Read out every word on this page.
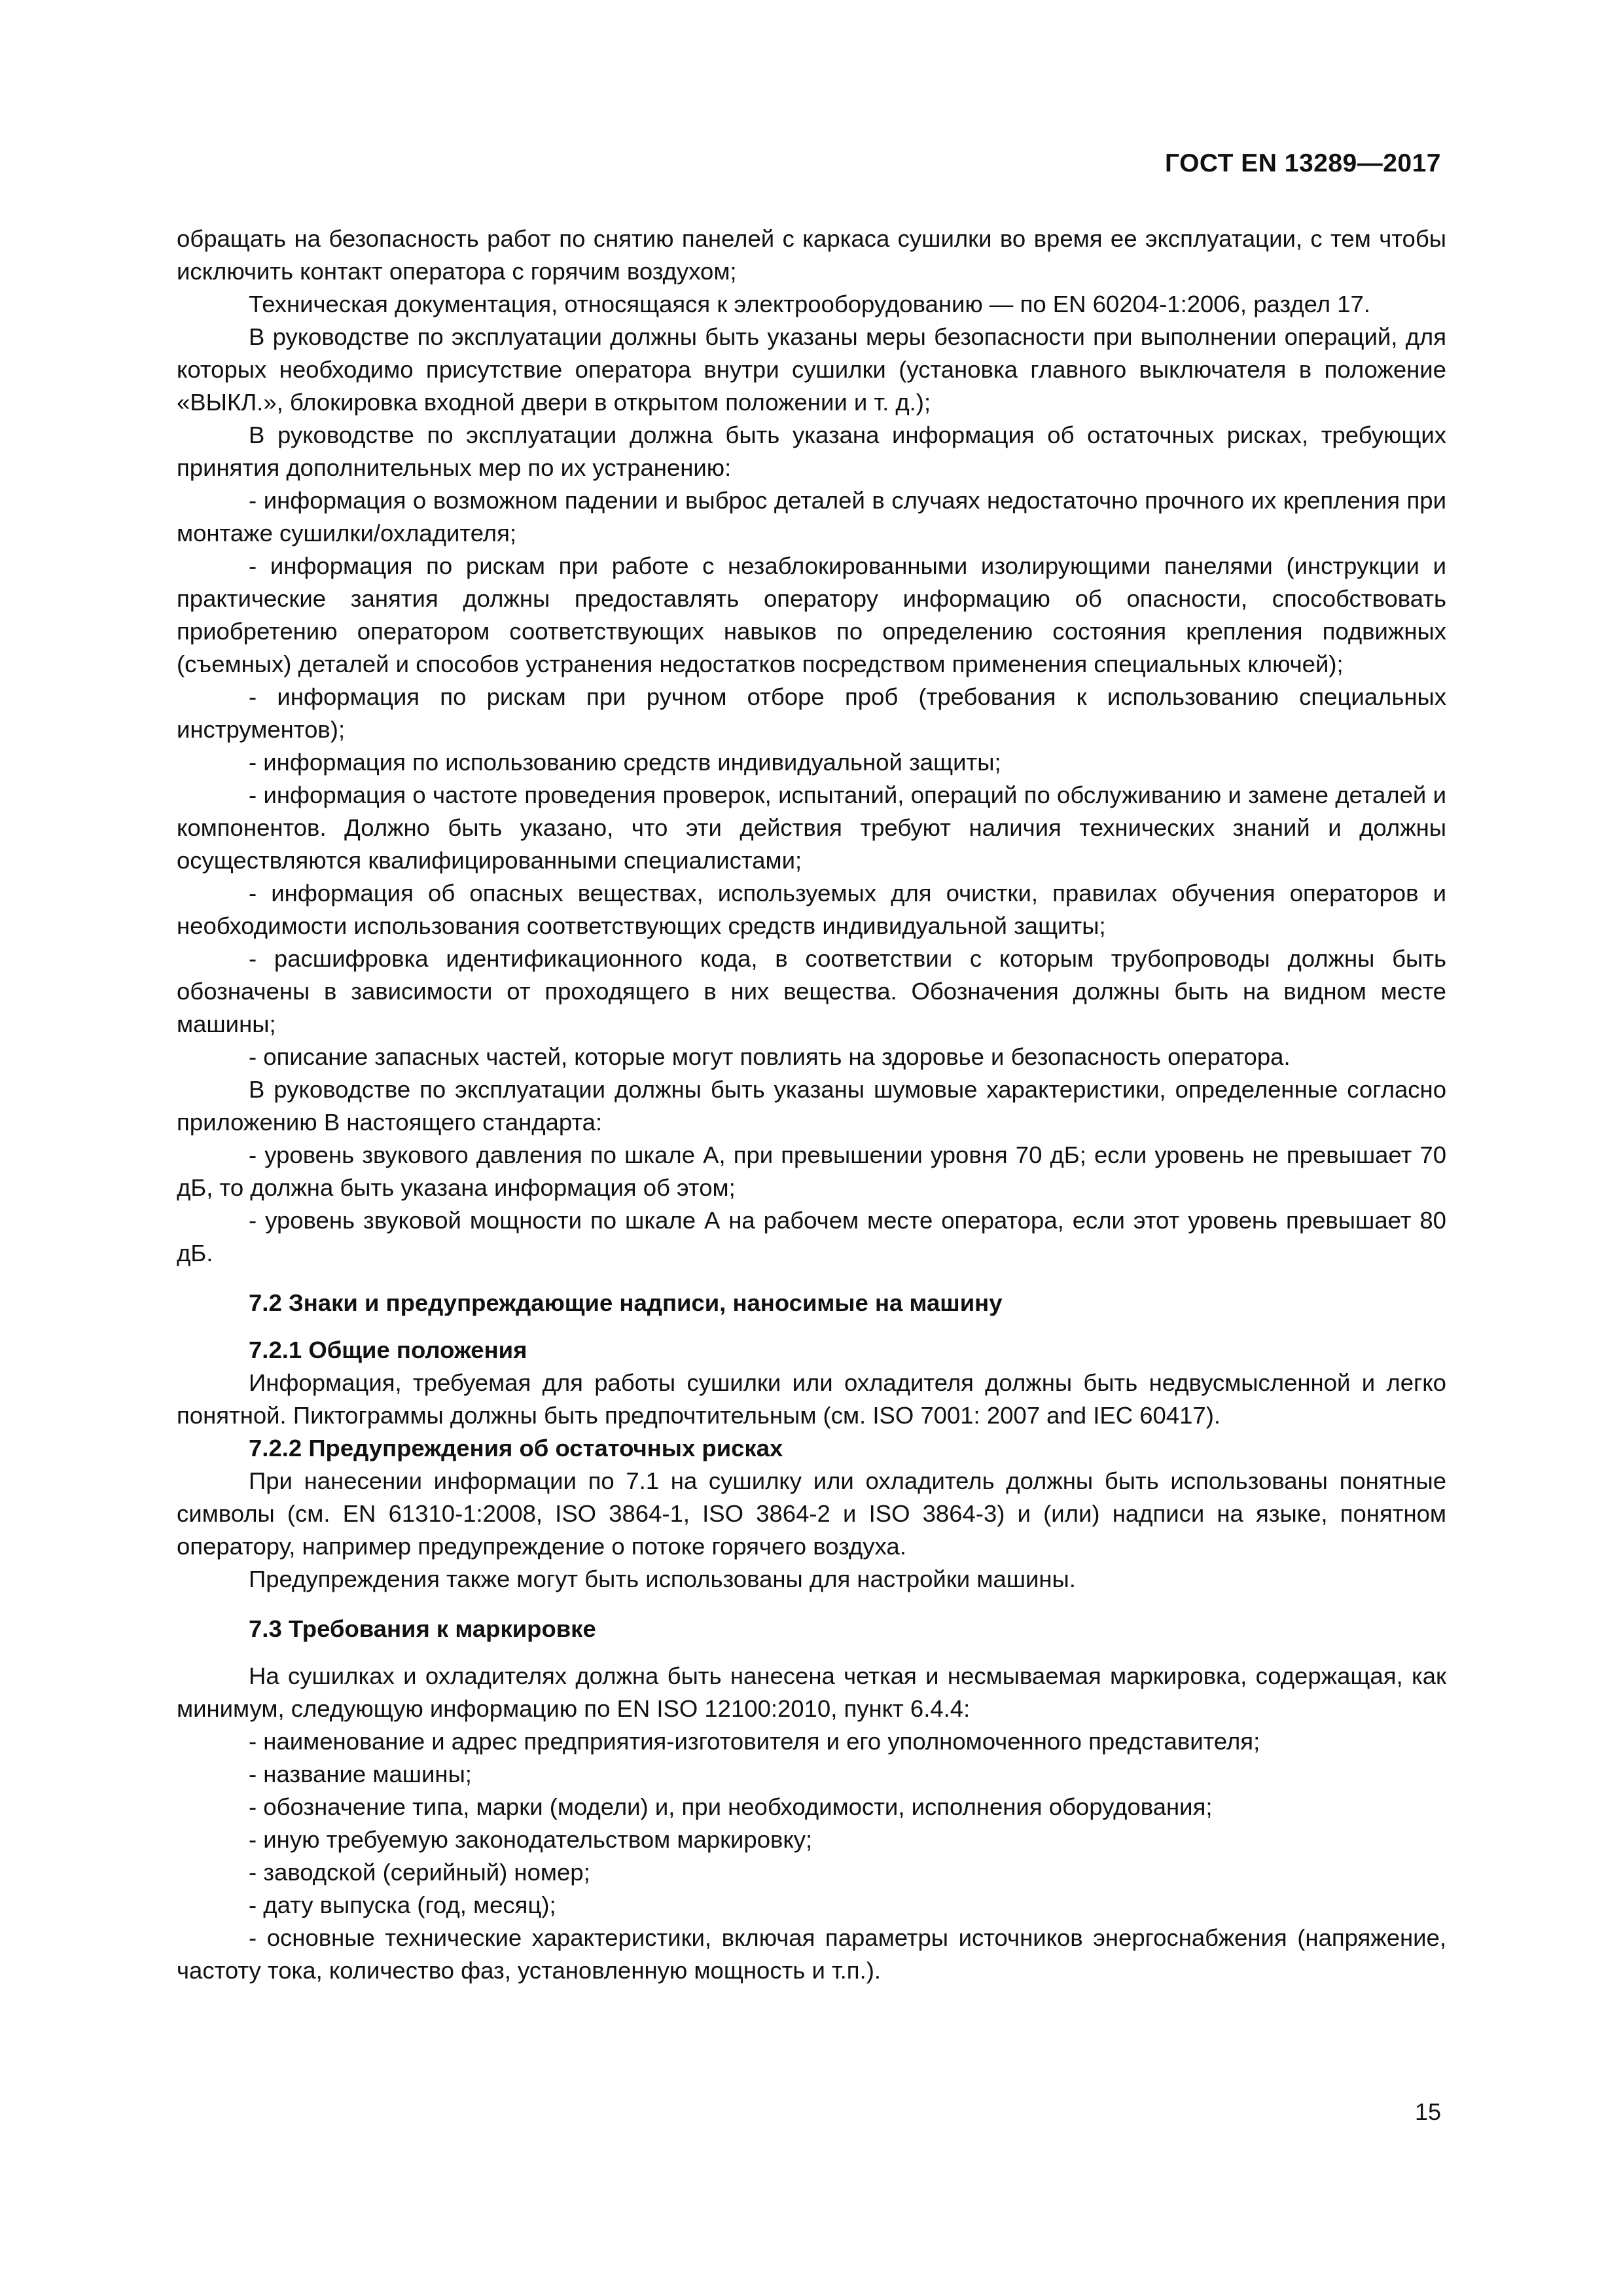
ГОСТ EN 13289—2017

обращать на безопасность работ по снятию панелей с каркаса сушилки во время ее эксплуатации, с тем чтобы исключить контакт оператора с горячим воздухом;

Техническая документация, относящаяся к электрооборудованию — по EN 60204-1:2006, раздел 17.

В руководстве по эксплуатации должны быть указаны меры безопасности при выполнении операций, для которых необходимо присутствие оператора внутри сушилки (установка главного выключателя в положение «ВЫКЛ.», блокировка входной двери в открытом положении и т. д.);

В руководстве по эксплуатации должна быть указана информация об остаточных рисках, требующих принятия дополнительных мер по их устранению:

- информация о возможном падении и выброс деталей в случаях недостаточно прочного их крепления при монтаже сушилки/охладителя;

- информация по рискам при работе с незаблокированными изолирующими панелями (инструкции и практические занятия должны предоставлять оператору информацию об опасности, способствовать приобретению оператором соответствующих навыков по определению состояния крепления подвижных (съемных) деталей и способов устранения недостатков посредством применения специальных ключей);

- информация по рискам при ручном отборе проб (требования к использованию специальных инструментов);

- информация по использованию средств индивидуальной защиты;

- информация о частоте проведения проверок, испытаний, операций по обслуживанию и замене деталей и компонентов. Должно быть указано, что эти действия требуют наличия технических знаний и должны осуществляются квалифицированными специалистами;

- информация об опасных веществах, используемых для очистки, правилах обучения операторов и необходимости использования соответствующих средств индивидуальной защиты;

- расшифровка идентификационного кода, в соответствии с которым трубопроводы должны быть обозначены в зависимости от проходящего в них вещества. Обозначения должны быть на видном месте машины;

- описание запасных частей, которые могут повлиять на здоровье и безопасность оператора.

В руководстве по эксплуатации должны быть указаны шумовые характеристики, определенные согласно приложению В настоящего стандарта:

- уровень звукового давления по шкале А, при превышении уровня 70 дБ; если уровень не превышает 70 дБ, то должна быть указана информация об этом;

- уровень звуковой мощности по шкале А на рабочем месте оператора, если этот уровень превышает 80 дБ.

7.2 Знаки и предупреждающие надписи, наносимые на машину

7.2.1 Общие положения

Информация, требуемая для работы сушилки или охладителя должны быть недвусмысленной и легко понятной. Пиктограммы должны быть предпочтительным (см. ISO 7001: 2007 and IEC 60417).

7.2.2 Предупреждения об остаточных рисках

При нанесении информации по 7.1 на сушилку или охладитель должны быть использованы понятные символы (см. EN 61310-1:2008, ISO 3864-1, ISO 3864-2 и ISO 3864-3) и (или) надписи на языке, понятном оператору, например предупреждение о потоке горячего воздуха.

Предупреждения также могут быть использованы для настройки машины.

7.3 Требования к маркировке

На сушилках и охладителях должна быть нанесена четкая и несмываемая маркировка, содержащая, как минимум, следующую информацию по EN ISO 12100:2010, пункт 6.4.4:

- наименование и адрес предприятия-изготовителя и его уполномоченного представителя;

- название машины;

- обозначение типа, марки (модели) и, при необходимости, исполнения оборудования;

- иную требуемую законодательством маркировку;

- заводской (серийный) номер;

- дату выпуска (год, месяц);

- основные технические характеристики, включая параметры источников энергоснабжения (напряжение, частоту тока, количество фаз, установленную мощность и т.п.).

15
